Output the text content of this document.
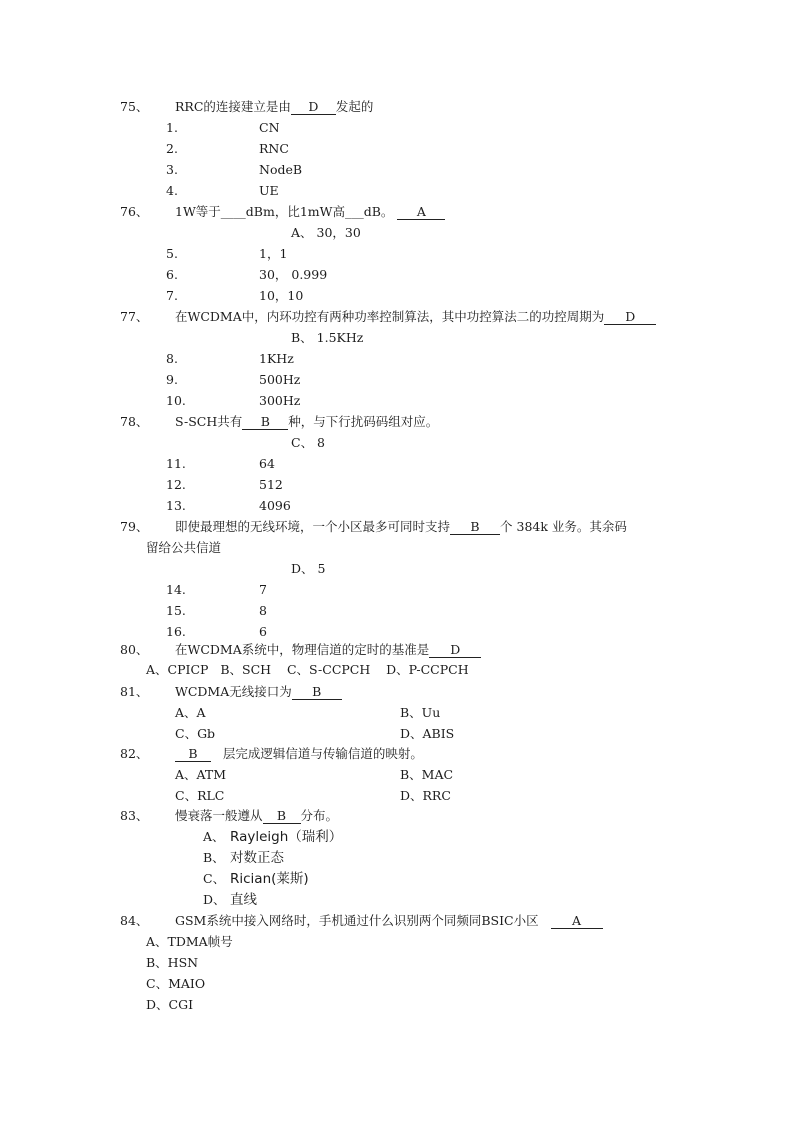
75、 RRC的连接建立是由 D 发起的
1.	CN
2.	RNC
3.	NodeB
4.	UE
76、 1W等于____dBm，比1mW高___dB。 A
A、 30，30
5.	1，1
6.	30， 0.999
7.	10，10
77、 在WCDMA中，内环功控有两种功率控制算法，其中功控算法二的功控周期为 D
B、 1.5KHz
8.	1KHz
9.	500Hz
10.	300Hz
78、 S-SCH共有 B 种，与下行扰码码组对应。
C、 8
11.	64
12.	512
13.	4096
79、 即使最理想的无线环境，一个小区最多可同时支持 B 个 384k 业务。其余码
留给公共信道
D、 5
14.	7
15.	8
16.	6
80、 在WCDMA系统中，物理信道的定时的基准是 D
A、CPICP   B、SCH    C、S-CCPCH    D、P-CCPCH
81、 WCDMA无线接口为 B
A、A	B、Uu
C、Gb	D、ABIS
82、	B 层完成逻辑信道与传输信道的映射。
A、ATM	B、MAC
C、RLC	D、RRC
83、 慢衰落一般遵从 B 分布。
A、 Rayleigh（瑞利）
B、 对数正态
C、 Rician(莱斯)
D、 直线
84、 GSM系统中接入网络时，手机通过什么识别两个同频同BSIC小区	A
A、TDMA帧号
B、HSN
C、MAIO
D、CGI
